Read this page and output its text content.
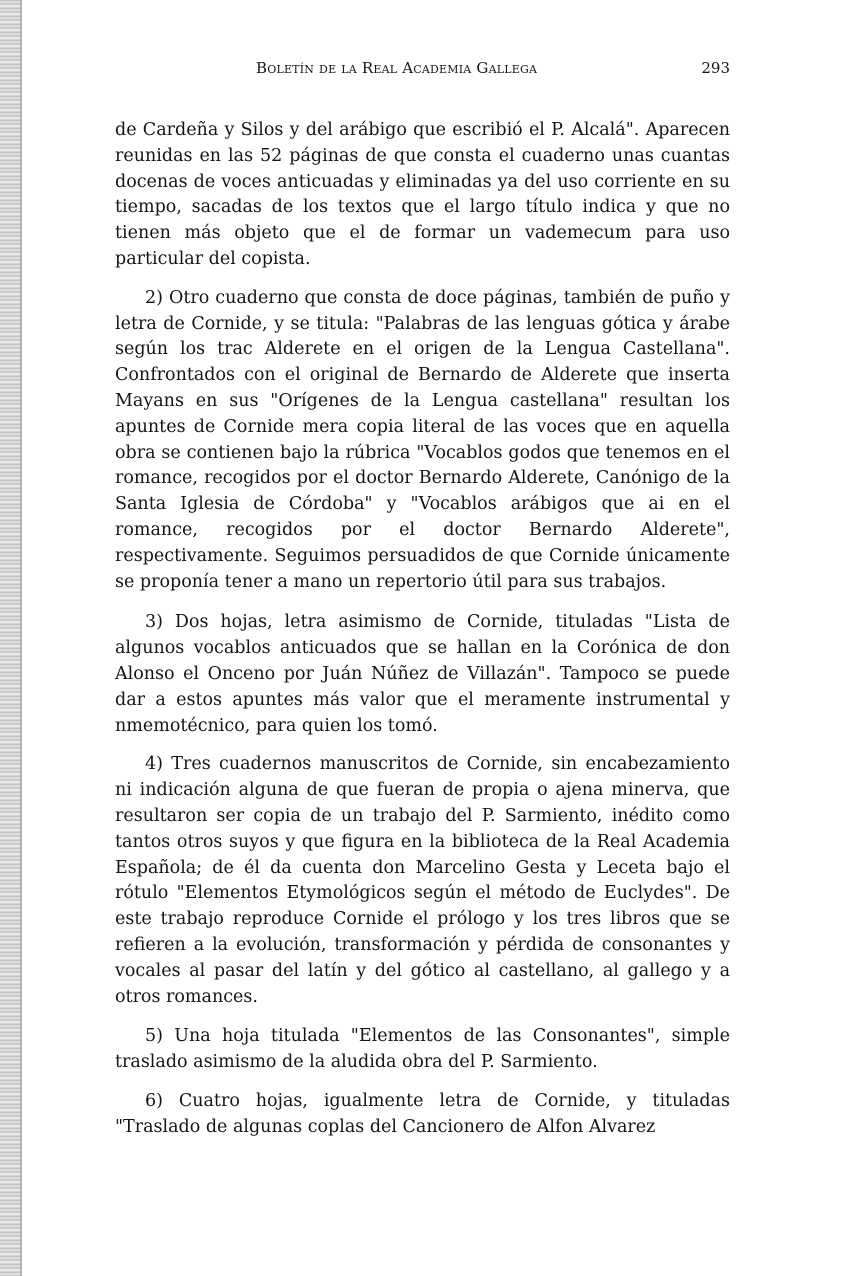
Boletín de la Real Academia Gallega	293

de Cardeña y Silos y del arábigo que escribió el P. Alcalá". Aparecen reunidas en las 52 páginas de que consta el cuaderno unas cuantas docenas de voces anticuadas y eliminadas ya del uso corriente en su tiempo, sacadas de los textos que el largo título indica y que no tienen más objeto que el de formar un vademecum para uso particular del copista.

2) Otro cuaderno que consta de doce páginas, también de puño y letra de Cornide, y se titula: "Palabras de las lenguas gótica y árabe según los trac Alderete en el origen de la Lengua Castellana". Confrontados con el original de Bernardo de Alderete que inserta Mayans en sus "Orígenes de la Lengua castellana" resultan los apuntes de Cornide mera copia literal de las voces que en aquella obra se contienen bajo la rúbrica "Vocablos godos que tenemos en el romance, recogidos por el doctor Bernardo Alderete, Canónigo de la Santa Iglesia de Córdoba" y "Vocablos arábigos que ai en el romance, recogidos por el doctor Bernardo Alderete", respectivamente. Seguimos persuadidos de que Cornide únicamente se proponía tener a mano un repertorio útil para sus trabajos.

3) Dos hojas, letra asimismo de Cornide, tituladas "Lista de algunos vocablos anticuados que se hallan en la Corónica de don Alonso el Onceno por Juán Núñez de Villazán". Tampoco se puede dar a estos apuntes más valor que el meramente instrumental y nmemotécnico, para quien los tomó.

4) Tres cuadernos manuscritos de Cornide, sin encabezamiento ni indicación alguna de que fueran de propia o ajena minerva, que resultaron ser copia de un trabajo del P. Sarmiento, inédito como tantos otros suyos y que figura en la biblioteca de la Real Academia Española; de él da cuenta don Marcelino Gesta y Leceta bajo el rótulo "Elementos Etymológicos según el método de Euclydes". De este trabajo reproduce Cornide el prólogo y los tres libros que se refieren a la evolución, transformación y pérdida de consonantes y vocales al pasar del latín y del gótico al castellano, al gallego y a otros romances.

5) Una hoja titulada "Elementos de las Consonantes", simple traslado asimismo de la aludida obra del P. Sarmiento.

6) Cuatro hojas, igualmente letra de Cornide, y tituladas "Traslado de algunas coplas del Cancionero de Alfon Alvarez
